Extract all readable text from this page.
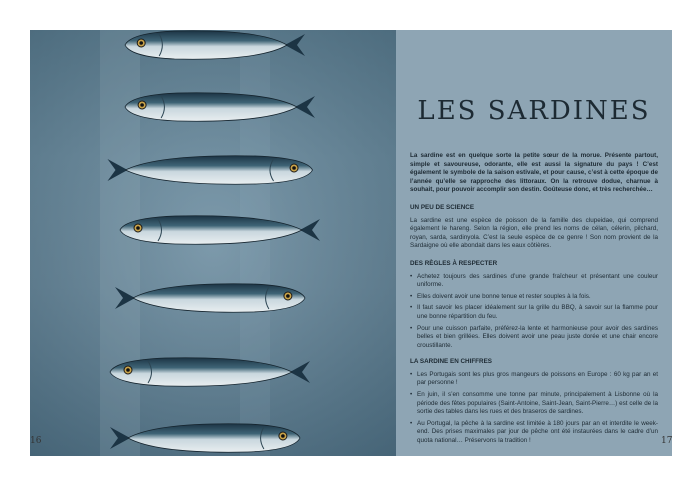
LES SARDINES

La sardine est en quelque sorte la petite sœur de la morue. Présente partout, simple et savoureuse, odorante, elle est aussi la signature du pays ! C’est également le symbole de la saison estivale, et pour cause, c’est à cette époque de l’année qu’elle se rapproche des littoraux. On la retrouve dodue, charnue à souhait, pour pouvoir accomplir son destin. Goûteuse donc, et très recherchée…

UN PEU DE SCIENCE

La sardine est une espèce de poisson de la famille des clupeidae, qui comprend également le hareng. Selon la région, elle prend les noms de célan, célerin, pilchard, royan, sarda, sardinyola. C’est la seule espèce de ce genre ! Son nom provient de la Sardaigne où elle abondait dans les eaux côtières.

DES RÈGLES À RESPECTER
• Achetez toujours des sardines d’une grande fraîcheur et présentant une couleur uniforme.
• Elles doivent avoir une bonne tenue et rester souples à la fois.
• Il faut savoir les placer idéalement sur la grille du BBQ, à savoir sur la flamme pour une bonne répartition du feu.
• Pour une cuisson parfaite, préférez-la lente et harmonieuse pour avoir des sardines belles et bien grillées. Elles doivent avoir une peau juste dorée et une chair encore croustillante.
LA SARDINE EN CHIFFRES
• Les Portugais sont les plus gros mangeurs de poissons en Europe : 60 kg par an et par personne !
• En juin, il s’en consomme une tonne par minute, principalement à Lisbonne où la période des fêtes populaires (Saint-Antoine, Saint-Jean, Saint-Pierre…) est celle de la sortie des tables dans les rues et des braseros de sardines.
• Au Portugal, la pêche à la sardine est limitée à 180 jours par an et interdite le week-end. Des prises maximales par jour de pêche ont été instaurées dans le cadre d’un quota national… Préservons la tradition !
16	17
